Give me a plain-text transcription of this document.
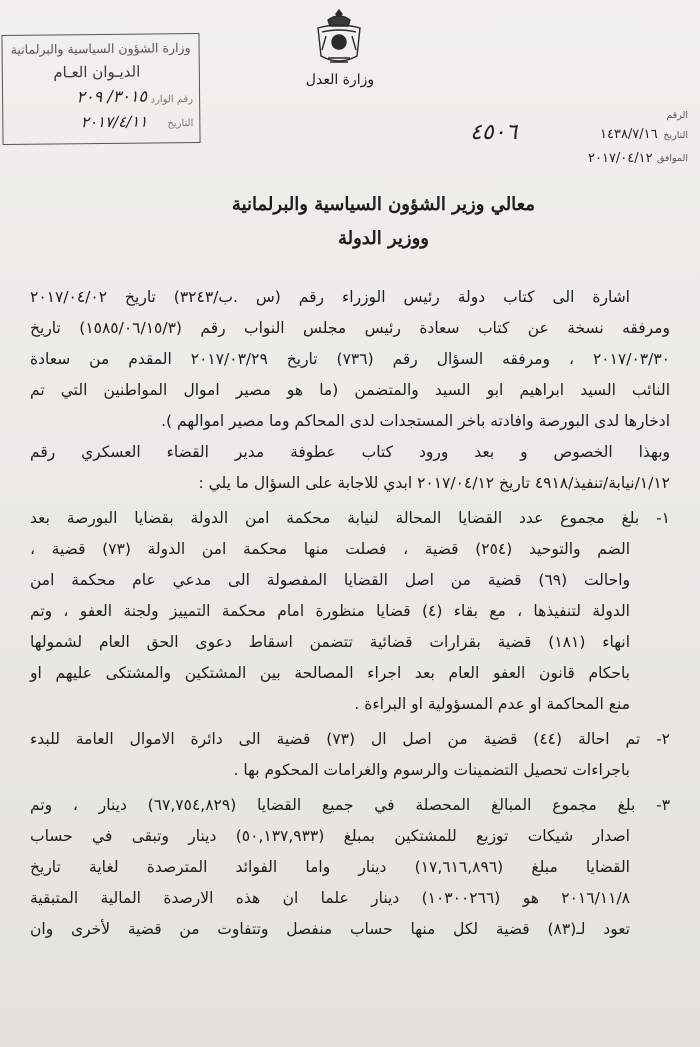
وزارة الشؤون السياسية والبرلمانية
الديـوان العـام
رقم الوارد
٣٠١٥/ ٢٠٩
التاريخ
٢٠١٧/٤/١١
وزارة العدل
الرقم
التاريخ
الموافق
٤٥٠٦	١٤٣٨/٧/١٦
٢٠١٧/٠٤/١٢
معالي وزير الشؤون السياسية والبرلمانية
ووزير الدولة
اشارة الى كتاب دولة رئيس الوزراء رقم (س .ب/٣٢٤٣) تاريخ ٢٠١٧/٠٤/٠٢
ومرفقه نسخة عن كتاب سعادة رئيس مجلس النواب رقم (١٥٨٥/٠٦/١٥/٣) تاريخ
٢٠١٧/٠٣/٣٠ ، ومرفقه السؤال رقم (٧٣٦) تاريخ ٢٠١٧/٠٣/٢٩ المقدم من سعادة
النائب السيد ابراهيم ابو السيد والمتضمن (ما هو مصير اموال المواطنين التي تم
ادخارها لدى البورصة وافادته باخر المستجدات لدى المحاكم وما مصير اموالهم ).
وبهذا الخصوص و بعد ورود كتاب عطوفة مدير القضاء العسكري رقم
١/١٢/نيابة/تنفيذ/٤٩١٨ تاريخ ٢٠١٧/٠٤/١٢ ابدي للاجابة على السؤال ما يلي :
١- بلغ مجموع عدد القضايا المحالة لنيابة محكمة امن الدولة بقضايا البورصة بعد
الضم والتوحيد (٢٥٤) قضية ، فصلت منها محكمة امن الدولة (٧٣) قضية ،
واحالت (٦٩) قضية من اصل القضايا المفصولة الى مدعي عام محكمة امن
الدولة لتنفيذها ، مع بقاء (٤) قضايا منظورة امام محكمة التمييز ولجنة العفو ، وتم
انهاء (١٨١) قضية بقرارات قضائية تتضمن اسقاط دعوى الحق العام لشمولها
باحكام قانون العفو العام بعد اجراء المصالحة بين المشتكين والمشتكى عليهم او
منع المحاكمة او عدم المسؤولية او البراءة .
٢- تم احالة (٤٤) قضية من اصل ال (٧٣) قضية الى دائرة الاموال العامة للبدء
باجراءات تحصيل التضمينات والرسوم والغرامات المحكوم بها .
٣- بلغ مجموع المبالغ المحصلة في جميع القضايا (٦٧,٧٥٤,٨٢٩) دينار ، وتم
اصدار شيكات توزيع للمشتكين بمبلغ (٥٠,١٣٧,٩٣٣) دينار وتبقى في حساب
القضايا مبلغ (١٧,٦١٦,٨٩٦) دينار واما الفوائد المترصدة لغاية تاريخ
٢٠١٦/١١/٨ هو (١٠٣٠٠٢٦٦) دينار علما ان هذه الارصدة المالية المتبقية
تعود لـ(٨٣) قضية لكل منها حساب منفصل وتتفاوت من قضية لأخرى وان
